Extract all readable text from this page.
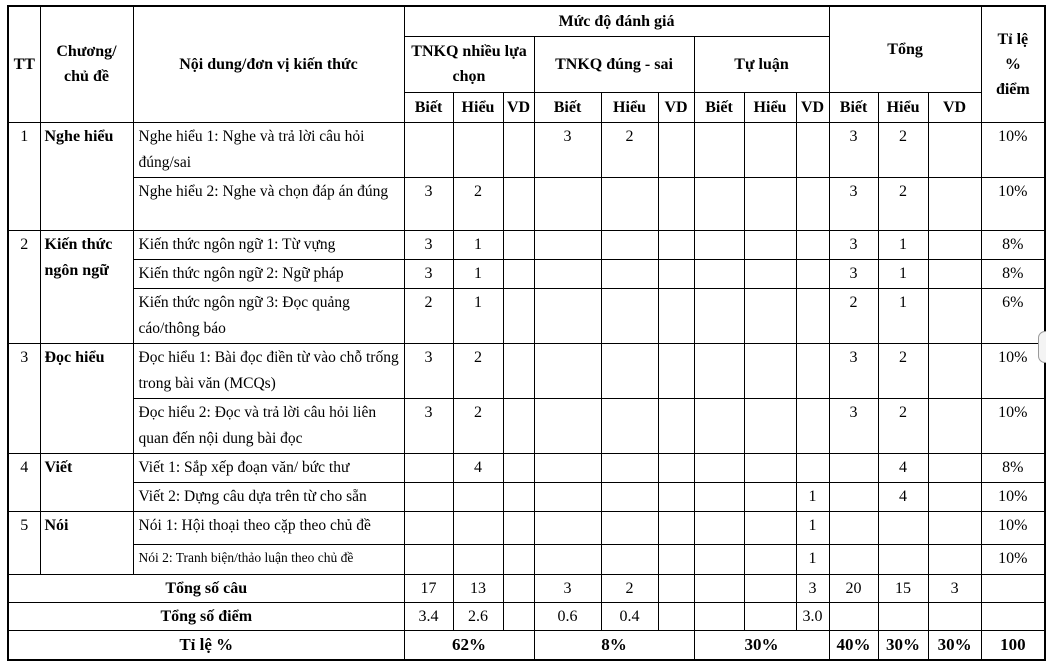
TT	Chương/ chủ đề	Nội dung/đơn vị kiến thức	Mức độ đánh giá									Tổng			Tỉ lệ
%
điểm

			TNKQ nhiều lựa chọn			TNKQ đúng - sai			Tự luận						
			Biết	Hiểu	VD	Biết	Hiểu	VD	Biết	Hiểu	VD	Biết	Hiểu	VD	
1	Nghe hiểu	Nghe hiểu 1: Nghe và trả lời câu hỏi đúng/sai				3	2					3	2		10%
		Nghe hiểu 2: Nghe và chọn đáp án đúng	3	2								3	2		10%
2	Kiến thức ngôn ngữ	Kiến thức ngôn ngữ 1: Từ vựng	3	1								3	1		8%
		Kiến thức ngôn ngữ 2: Ngữ pháp	3	1								3	1		8%
		Kiến thức ngôn ngữ 3: Đọc quảng cáo/thông báo	2	1								2	1		6%
3	Đọc hiểu	Đọc hiểu 1: Bài đọc điền từ vào chỗ trống trong bài văn (MCQs)	3	2								3	2		10%
		Đọc hiểu 2: Đọc và trả lời câu hỏi liên quan đến nội dung bài đọc	3	2								3	2		10%
4	Viết	Viết 1: Sắp xếp đoạn văn/ bức thư		4									4		8%
		Viết 2: Dựng câu dựa trên từ cho sẵn									1		4		10%
5	Nói	Nói 1: Hội thoại theo cặp theo chủ đề									1				10%
		Nói 2: Tranh biện/thảo luận theo chủ đề									1				10%
Tổng số câu			17	13		3	2				3	20	15	3	
Tổng số điểm			3.4	2.6		0.6	0.4				3.0				
Tỉ lệ %			62%			8%			30%			40%	30%	30%	100
